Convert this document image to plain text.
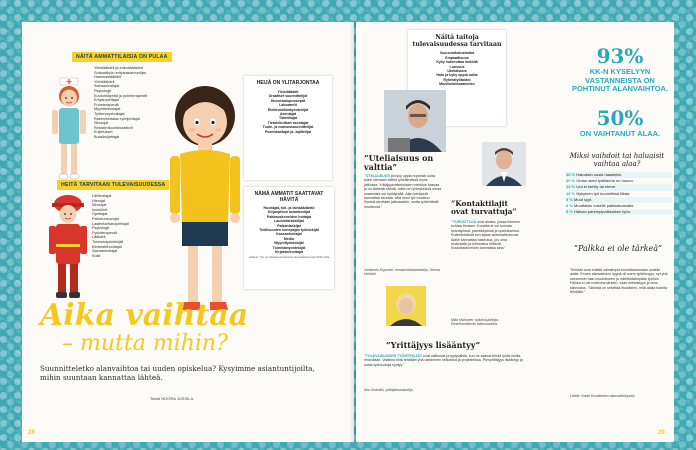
NÄITÄ AMMATTILAISIA ON PULAA
Yleislääkärit ja erikoislääkärit
Sosiaalityön erityisasiantuntijat
Hammaslääkärit
Yleislääkärit
Sairaanhoitajat
Psykologit
Koulunkäyntiä ja puheterapeutit
Erityisopettajat
Puheterapeutit
Myyntiedustajat
Työterveyshoitajat
Rakennustalan työnjohtajat
Siivoojat
Rekisterikoordinaattorit
Kuljetukset
Bussikuljettajat
HEITÄ TARVITAAN TULEVAISUUDESSA
Lähihoitajat
Hierojat
Siivoojat
Insinöörit
Opettajat
Palveluneuvojat
Lastentarhanopettajat
Psykologit
Fysioterapeutit
Lääkärit
Toimistotyöntekijät
Kiinteistöhuoltajat
Sairaanhoitajat
Kokit
HEIJÄ ON YLITARJONTAA
Yleislääkärit
Graafiset suunnittelijat
Huonekalupuusepät
Laborantit
Elektroniikkatyöntekijät
Asentajat
Toimittajat
Tietotekniikan asentajat
Tuote- ja mainossuunnittelijat
Postinkantajat ja -lajittelijat
NÄMÄ AMMATIT SAATTAVAT HÄVITÄ
Huoltajat, tuli- ja lainsäädäntö
Kirjanpidon asiantuntijat
Pakkauskoneiden hoitajat
Lauluntarkkailijat
Palkanlaskijat
Teollisuuden konepajan työntekijät
Kassanhoitajat
Media
Myyntityöntekijät
Toimistotyöntekijät
Kirjastonhoitajat
Lähteet: Työ- ja elinkeinoministeriön ammattibarometri 2016, Etla
28
Aika vaihtaa
– mutta mihin?
Suunnitteletko alanvaihtoa tai uuden opiskelua? Kysyimme asiantuntijoilta, mihin suuntaan kannattaa lähteä.
Teksti NOORA JUSSILA
Näitä taitoja tulevaisuudessa tarvitaan
Vuorovaikutustaidot
Empaattisuus
Kyky hahmottaa ilmiöitä
Luovuus
Uteliaisuus
Halu ja kyky oppia uutta
Ryhmätyötaidot
Monitoimiosaaminen
”Uteliaisuus on valttia”
”UTELIAISUUS ja kyky oppia nopeasti uutta tulee olemaan valttia työelämässä myös jatkossa. Yrittäjyysvalmiuksien merkitys kasvaa ja on tärkeää nähdä, miten eri yhteyksissä omaa osaamista voi hyödyntää. Alan kehitystä kannattaa seurata, sillä moni työ muuttuu. Ihmisiä tarvitaan jatkossakin, mutta työtehtävät muuttuvat.”
Johannes Koponen, ennakointiasiantuntija, Demos Helsinki
”Kontaktilajit ovat turvattuja”
”TURVATTUJA ovat aloista, joissa ihminen kohtaa ihmisen. Konetta ei voi korvata hoivatyössä, palvelutyössä ja opetuksessa. Rutiinitehtävät sen sijaan automatisoituvat. Alalle kannattaa hakeutua, jos oma motivaatio ja kiinnostus riittävät. Kouluttautuminen kannattaa aina.”
Mika Mahonen, tutkimusjohtaja, Elinkeinoelämän tutkimuslaitos
”Yrittäjyys lisääntyy”
”TULEVAISUUDEN TYÖNTEKIJÄT ovat valikoivia ja tyytyväisiä, kun he saavat tehdä työtä omilla ehdoillaan. Vaativia töitä tehdään yhä useammin keikoissa ja projekteissa. Pienyrittäjyys lisääntyy ja uusia työmuotoja syntyy.”
Anu Kivimäki, yrittäjäasiantuntija
93%
KK-N KYSELYYN VASTANNEISTA ON POHTINUT ALANVAIHTOA.
50%
ON VAIHTANUT ALAA.
Miksi vaihdoit tai haluaisit vaihtaa alaa?
36 % Haluaisin uusia haasteita.
30 % Oman alani työtilanne on huono.
14 % Ura ei kehity tai etene.
10 % Nykyinen työ kuormittaa liikaa.
9 % Muut syyt.
6 % Muuttaisin toiselle paikkakunnalle.
5 % Haluan parempipalkkaisen työn.
”Palkka ei ole tärkeä”
”Ihmiset ovat entistä valmiimpia kouluttautumaan uudelle alalle. Ennen alanvaihdon syynä oli usein työttömyys, nyt yhä useammin halu muutokseen ja mielekkäämpään työhön. Palkka ei ole motiivina tärkein, vaan mielekkyys ja oma kiinnostus. Tärkeää on selvittää etukäteen, mitä alalla todella tehdään.”
Lähde: Kodin Kuvalehden alanvaihtokysely
29
